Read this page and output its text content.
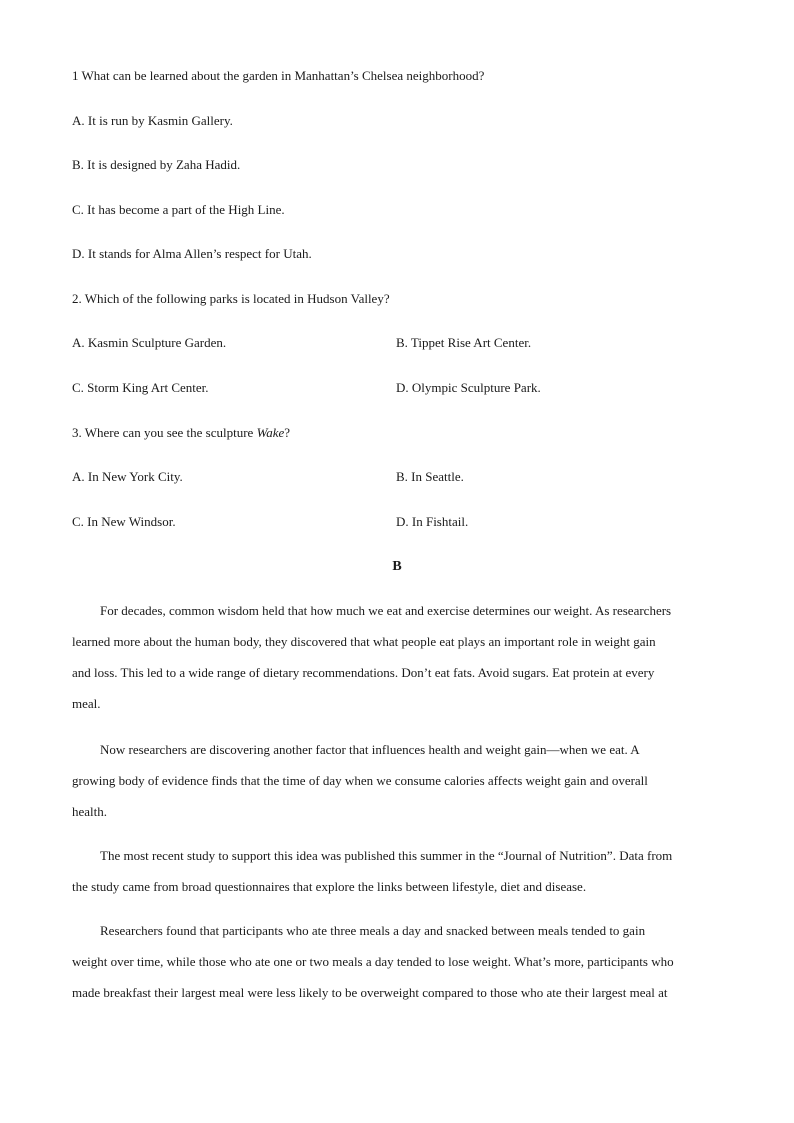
1 What can be learned about the garden in Manhattan’s Chelsea neighborhood?
A. It is run by Kasmin Gallery.
B. It is designed by Zaha Hadid.
C. It has become a part of the High Line.
D. It stands for Alma Allen’s respect for Utah.
2. Which of the following parks is located in Hudson Valley?
A. Kasmin Sculpture Garden.	B. Tippet Rise Art Center.
C. Storm King Art Center.	D. Olympic Sculpture Park.
3. Where can you see the sculpture Wake?
A. In New York City.	B. In Seattle.
C. In New Windsor.	D. In Fishtail.
B
For decades, common wisdom held that how much we eat and exercise determines our weight. As researchers
learned more about the human body, they discovered that what people eat plays an important role in weight gain
and loss. This led to a wide range of dietary recommendations. Don’t eat fats. Avoid sugars. Eat protein at every
meal.
Now researchers are discovering another factor that influences health and weight gain—when we eat. A
growing body of evidence finds that the time of day when we consume calories affects weight gain and overall
health.
The most recent study to support this idea was published this summer in the “Journal of Nutrition”. Data from
the study came from broad questionnaires that explore the links between lifestyle, diet and disease.
Researchers found that participants who ate three meals a day and snacked between meals tended to gain
weight over time, while those who ate one or two meals a day tended to lose weight. What’s more, participants who
made breakfast their largest meal were less likely to be overweight compared to those who ate their largest meal at
